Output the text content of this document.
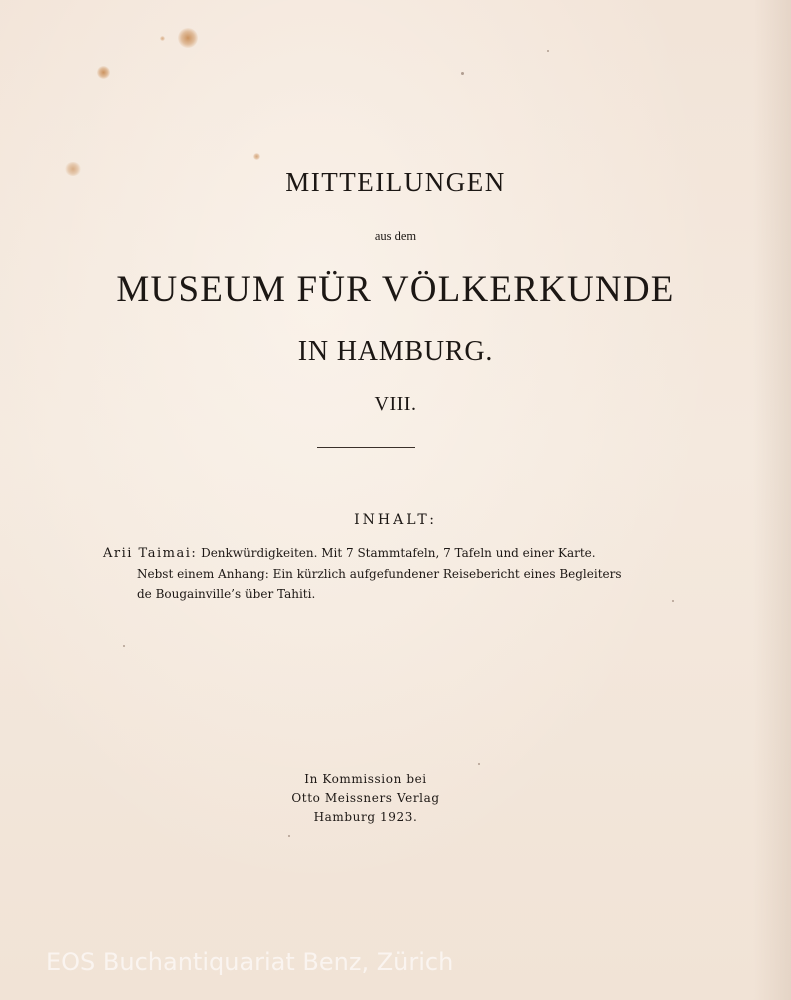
MITTEILUNGEN
aus dem
MUSEUM FÜR VÖLKERKUNDE
IN HAMBURG.
VIII.
INHALT:
Arii Taimai: Denkwürdigkeiten. Mit 7 Stammtafeln, 7 Tafeln und einer Karte.
Nebst einem Anhang: Ein kürzlich aufgefundener Reisebericht eines Begleiters
de Bougainville’s über Tahiti.
In Kommission bei
Otto Meissners Verlag
Hamburg 1923.
EOS Buchantiquariat Benz, Zürich
